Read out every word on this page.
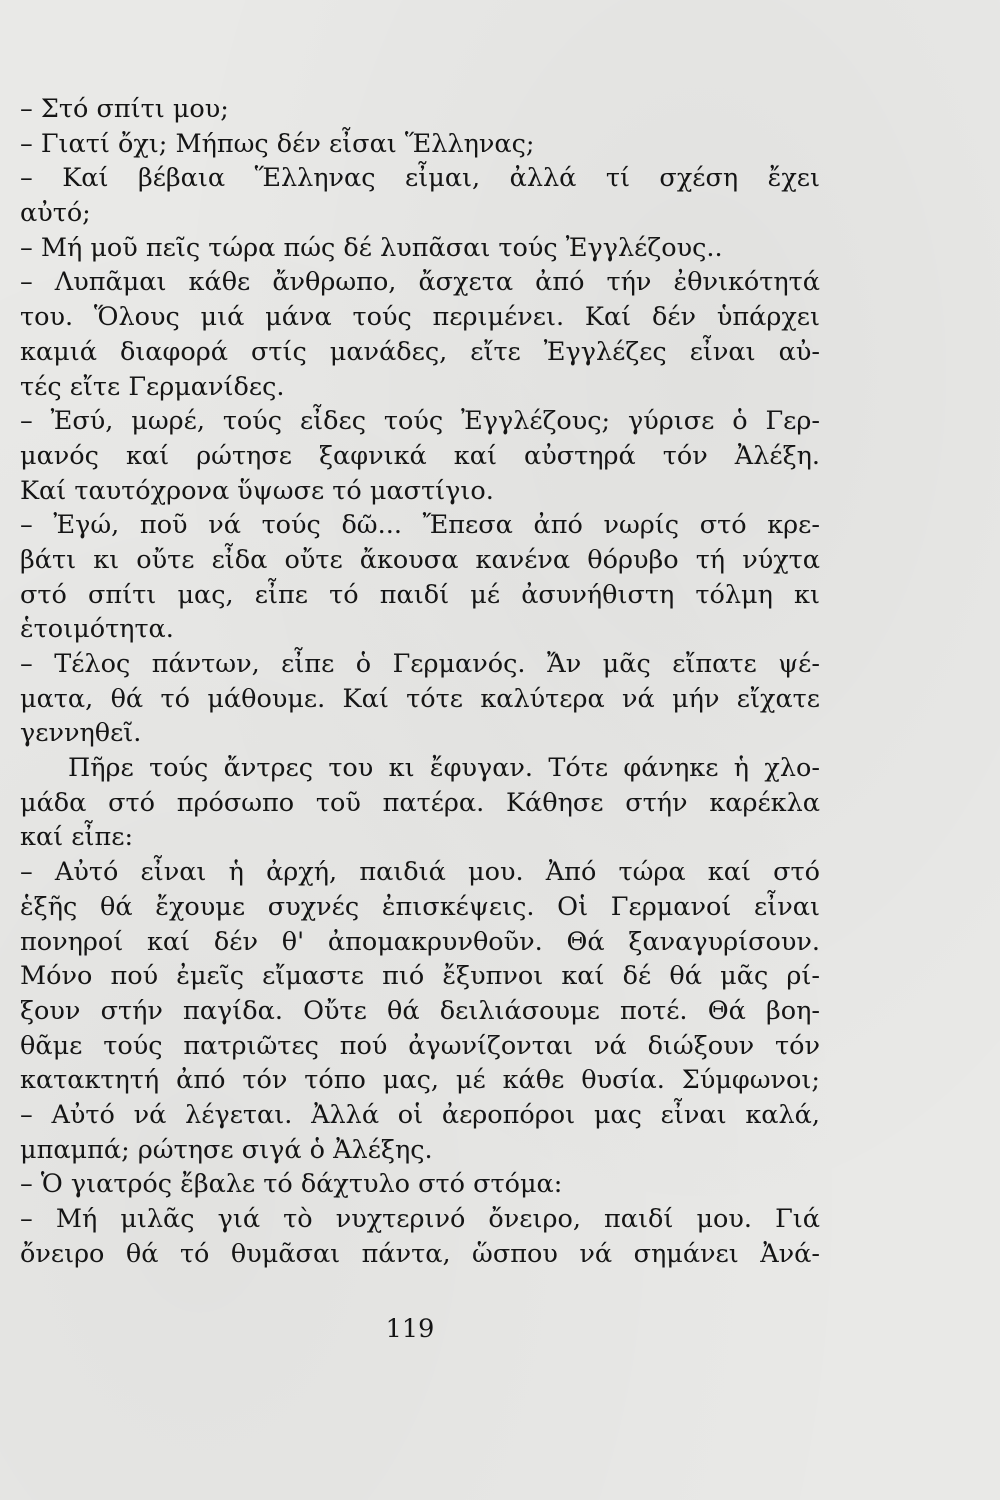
– Στό σπίτι μου;
– Γιατί ὄχι; Μήπως δέν εἶσαι Ἕλληνας;
– Καί βέβαια Ἕλληνας εἶμαι, ἀλλά τί σχέση ἔχει
αὐτό;
– Μή μοῦ πεῖς τώρα πώς δέ λυπᾶσαι τούς Ἐγγλέζους..
– Λυπᾶμαι κάθε ἄνθρωπο, ἄσχετα ἀπό τήν ἐθνικότητά
του. Ὅλους μιά μάνα τούς περιμένει. Καί δέν ὑπάρχει
καμιά διαφορά στίς μανάδες, εἴτε Ἐγγλέζες εἶναι αὐ-
τές εἴτε Γερμανίδες.
– Ἐσύ, μωρέ, τούς εἶδες τούς Ἐγγλέζους; γύρισε ὁ Γερ-
μανός καί ρώτησε ξαφνικά καί αὐστηρά τόν Ἀλέξη.
Καί ταυτόχρονα ὕψωσε τό μαστίγιο.
– Ἐγώ, ποῦ νά τούς δῶ... Ἔπεσα ἀπό νωρίς στό κρε-
βάτι κι οὔτε εἶδα οὔτε ἄκουσα κανένα θόρυβο τή νύχτα
στό σπίτι μας, εἶπε τό παιδί μέ ἀσυνήθιστη τόλμη κι
ἑτοιμότητα.
– Τέλος πάντων, εἶπε ὁ Γερμανός. Ἄν μᾶς εἴπατε ψέ-
ματα, θά τό μάθουμε. Καί τότε καλύτερα νά μήν εἴχατε
γεννηθεῖ.
Πῆρε τούς ἄντρες του κι ἔφυγαν. Τότε φάνηκε ἡ χλο-
μάδα στό πρόσωπο τοῦ πατέρα. Κάθησε στήν καρέκλα
καί εἶπε:
– Αὐτό εἶναι ἡ ἀρχή, παιδιά μου. Ἀπό τώρα καί στό
ἑξῆς θά ἔχουμε συχνές ἐπισκέψεις. Οἱ Γερμανοί εἶναι
πονηροί καί δέν θ' ἀπομακρυνθοῦν. Θά ξαναγυρίσουν.
Μόνο πού ἐμεῖς εἴμαστε πιό ἔξυπνοι καί δέ θά μᾶς ρί-
ξουν στήν παγίδα. Οὔτε θά δειλιάσουμε ποτέ. Θά βοη-
θᾶμε τούς πατριῶτες πού ἀγωνίζονται νά διώξουν τόν
κατακτητή ἀπό τόν τόπο μας, μέ κάθε θυσία. Σύμφωνοι;
– Αὐτό νά λέγεται. Ἀλλά οἱ ἀεροπόροι μας εἶναι καλά,
μπαμπά; ρώτησε σιγά ὁ Ἀλέξης.
– Ὁ γιατρός ἔβαλε τό δάχτυλο στό στόμα:
– Μή μιλᾶς γιά τὸ νυχτερινό ὄνειρο, παιδί μου. Γιά
ὄνειρο θά τό θυμᾶσαι πάντα, ὥσπου νά σημάνει Ἀνά-
119
